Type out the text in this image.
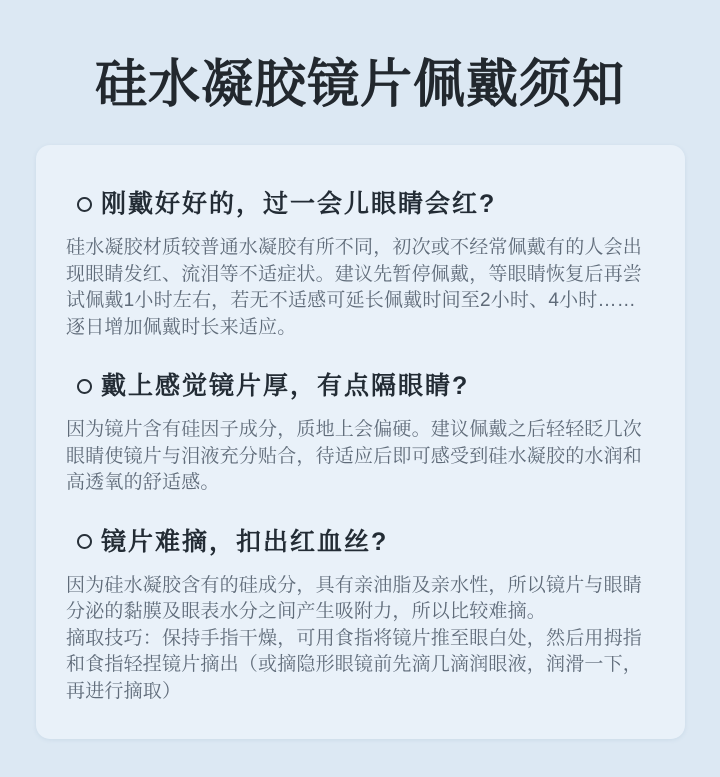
硅水凝胶镜片佩戴须知
刚戴好好的，过一会儿眼睛会红?

硅水凝胶材质较普通水凝胶有所不同，初次或不经常佩戴有的人会出现眼睛发红、流泪等不适症状。建议先暂停佩戴，等眼睛恢复后再尝试佩戴1小时左右，若无不适感可延长佩戴时间至2小时、4小时……逐日增加佩戴时长来适应。

戴上感觉镜片厚，有点隔眼睛?

因为镜片含有硅因子成分，质地上会偏硬。建议佩戴之后轻轻眨几次眼睛使镜片与泪液充分贴合，待适应后即可感受到硅水凝胶的水润和高透氧的舒适感。

镜片难摘，扣出红血丝?

因为硅水凝胶含有的硅成分，具有亲油脂及亲水性，所以镜片与眼睛分泌的黏膜及眼表水分之间产生吸附力，所以比较难摘。

摘取技巧：保持手指干燥，可用食指将镜片推至眼白处，然后用拇指和食指轻捏镜片摘出（或摘隐形眼镜前先滴几滴润眼液，润滑一下，再进行摘取）
